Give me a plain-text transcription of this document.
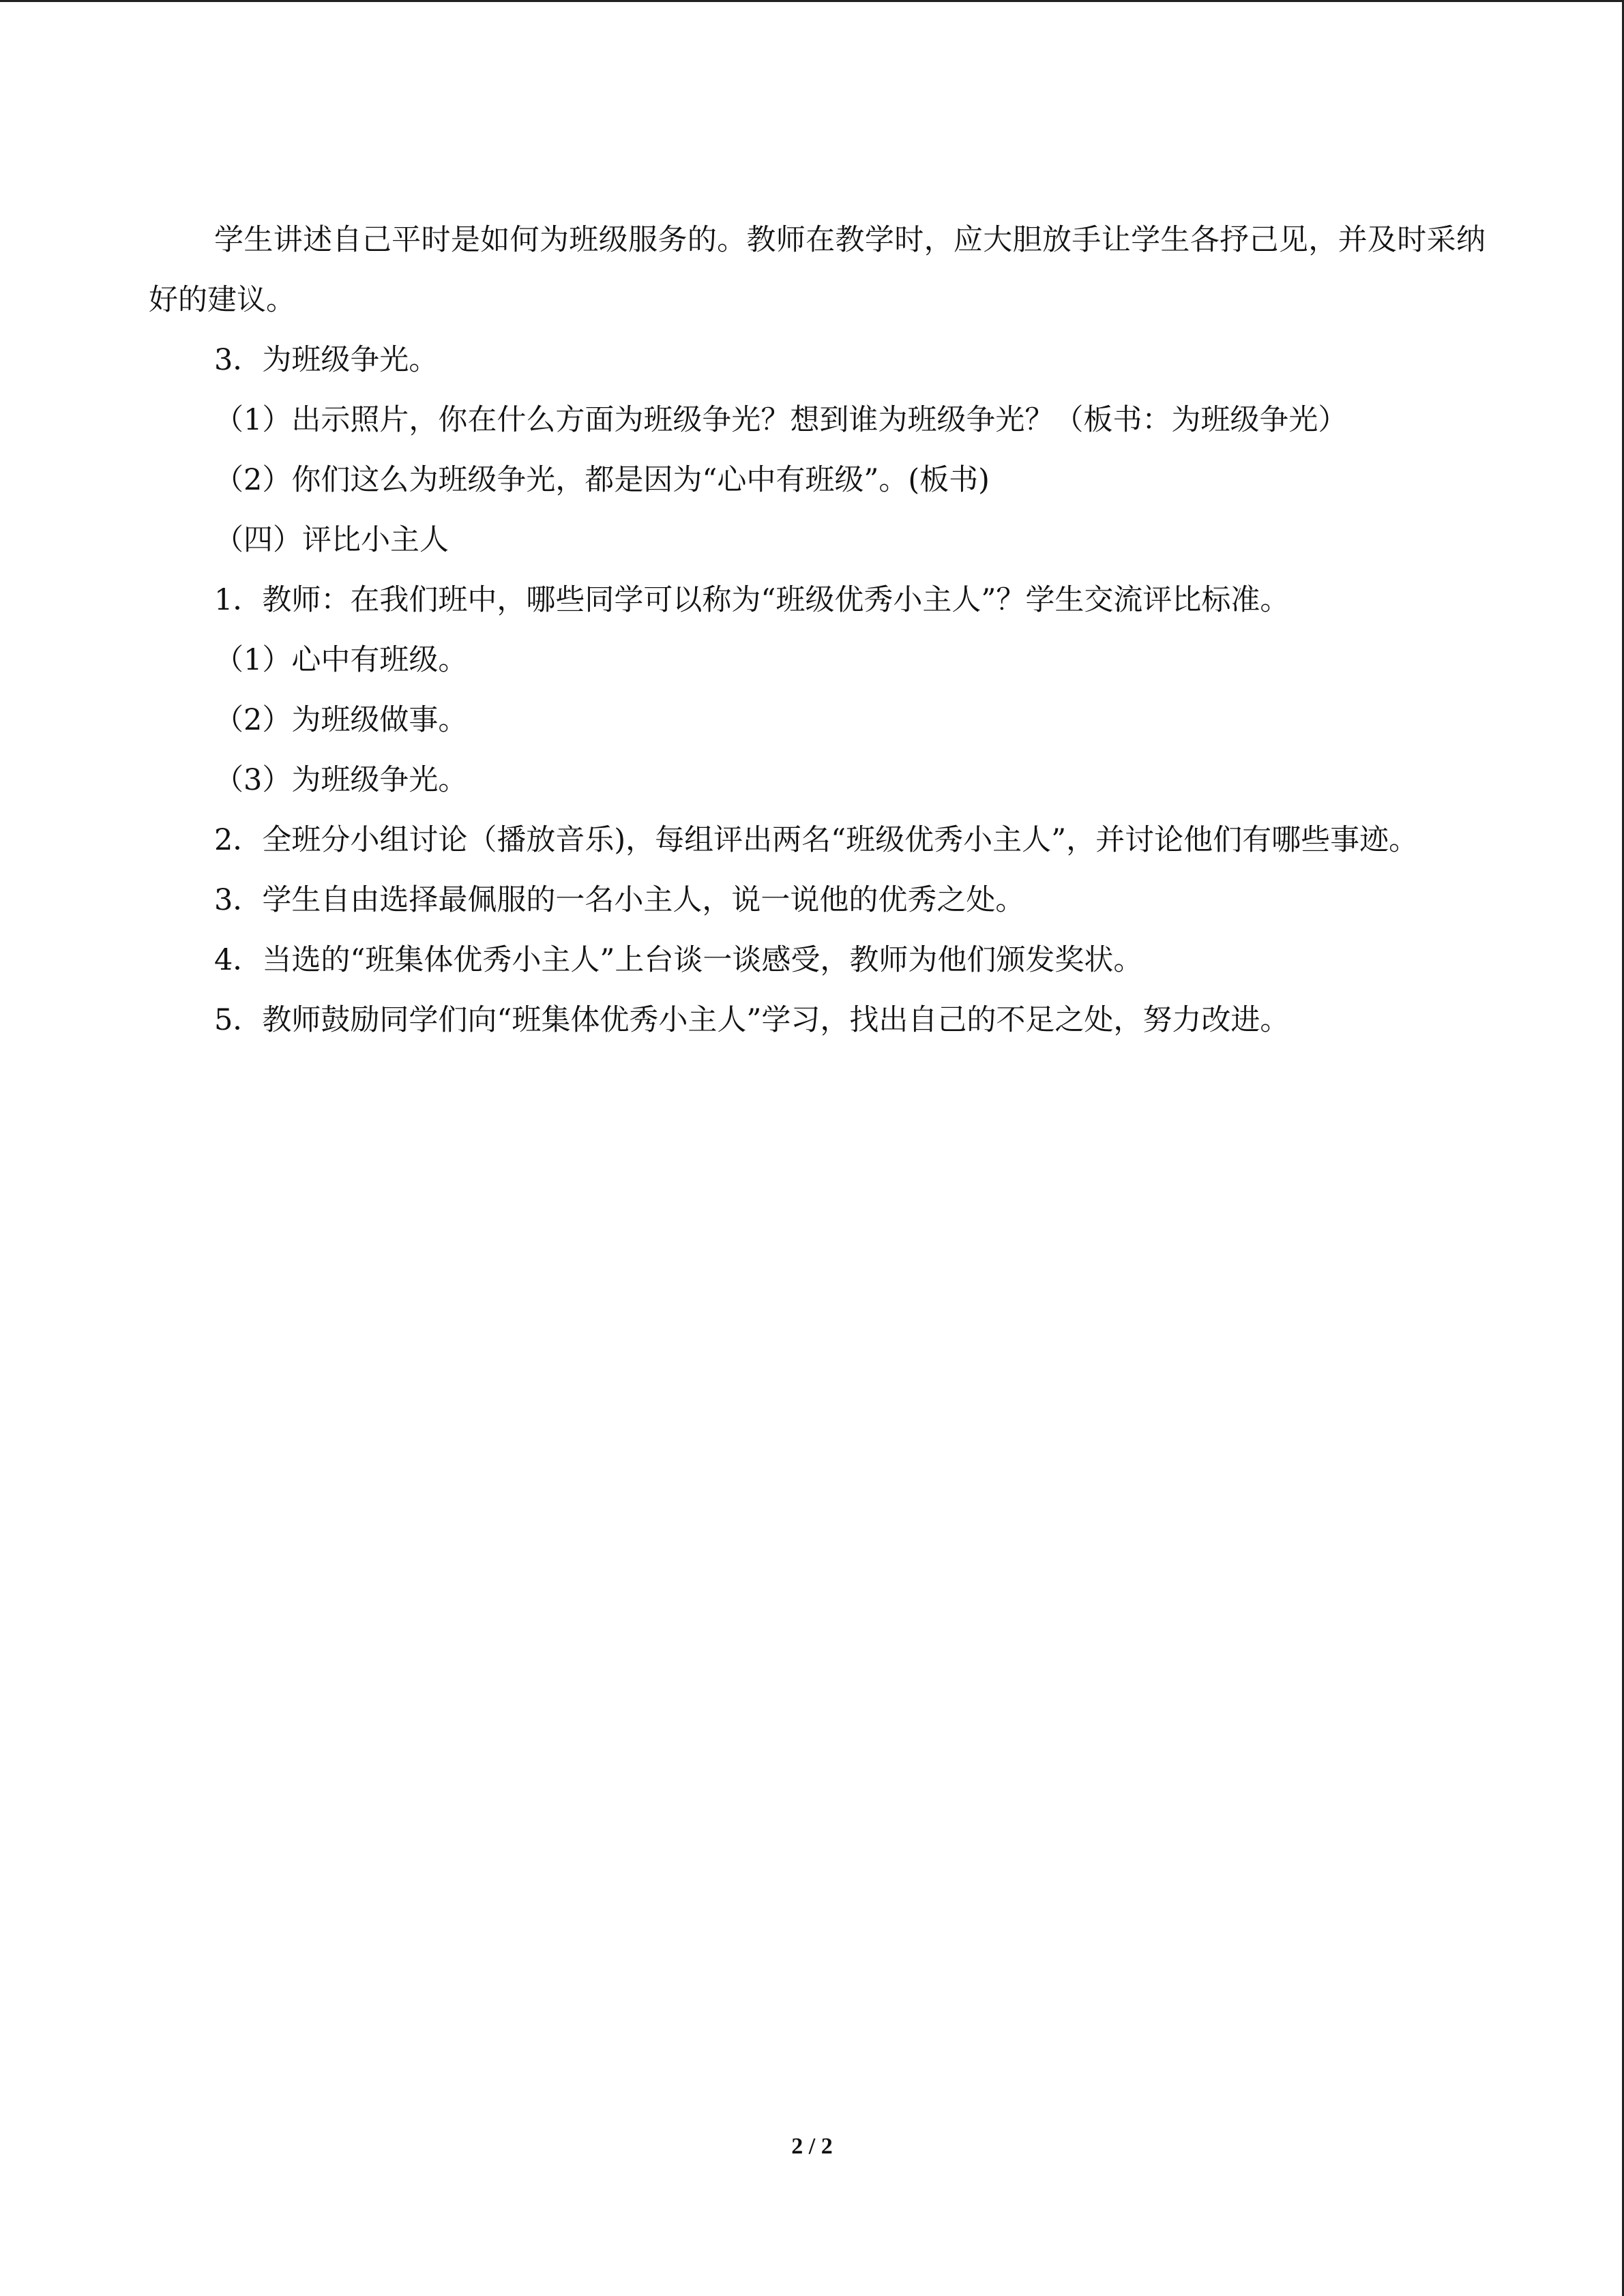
学生讲述自己平时是如何为班级服务的。教师在教学时，应大胆放手让学生各抒己见，并及时采纳好的建议。

3．为班级争光。

（1）出示照片，你在什么方面为班级争光？想到谁为班级争光？（板书：为班级争光）

（2）你们这么为班级争光，都是因为“心中有班级”。(板书)

（四）评比小主人

1．教师：在我们班中，哪些同学可以称为“班级优秀小主人”？学生交流评比标准。

（1）心中有班级。

（2）为班级做事。

（3）为班级争光。

2．全班分小组讨论（播放音乐)，每组评出两名“班级优秀小主人”，并讨论他们有哪些事迹。

3．学生自由选择最佩服的一名小主人，说一说他的优秀之处。

4．当选的“班集体优秀小主人”上台谈一谈感受，教师为他们颁发奖状。

5．教师鼓励同学们向“班集体优秀小主人”学习，找出自己的不足之处，努力改进。

2 / 2
